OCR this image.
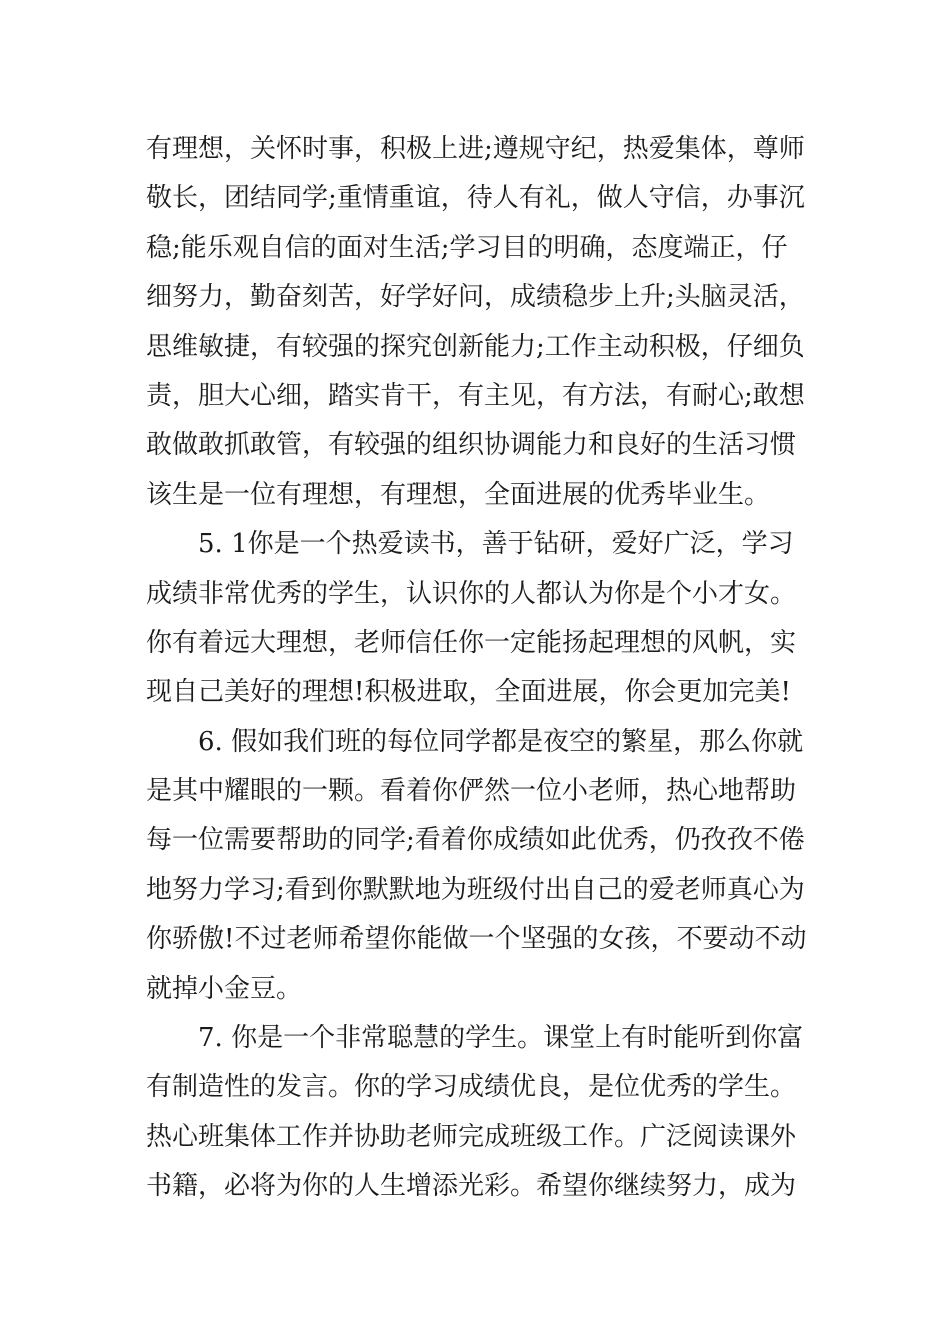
有理想，关怀时事，积极上进;遵规守纪，热爱集体，尊师
敬长，团结同学;重情重谊，待人有礼，做人守信，办事沉
稳;能乐观自信的面对生活;学习目的明确，态度端正，仔
细努力，勤奋刻苦，好学好问，成绩稳步上升;头脑灵活，
思维敏捷，有较强的探究创新能力;工作主动积极，仔细负
责，胆大心细，踏实肯干，有主见，有方法，有耐心;敢想
敢做敢抓敢管，有较强的组织协调能力和良好的生活习惯
该生是一位有理想，有理想，全面进展的优秀毕业生。
5. 1你是一个热爱读书，善于钻研，爱好广泛，学习
成绩非常优秀的学生，认识你的人都认为你是个小才女。
你有着远大理想，老师信任你一定能扬起理想的风帆，实
现自己美好的理想!积极进取，全面进展，你会更加完美!
6. 假如我们班的每位同学都是夜空的繁星，那么你就
是其中耀眼的一颗。看着你俨然一位小老师，热心地帮助
每一位需要帮助的同学;看着你成绩如此优秀，仍孜孜不倦
地努力学习;看到你默默地为班级付出自己的爱老师真心为
你骄傲!不过老师希望你能做一个坚强的女孩，不要动不动
就掉小金豆。
7. 你是一个非常聪慧的学生。课堂上有时能听到你富
有制造性的发言。你的学习成绩优良，是位优秀的学生。
热心班集体工作并协助老师完成班级工作。广泛阅读课外
书籍，必将为你的人生增添光彩。希望你继续努力，成为
